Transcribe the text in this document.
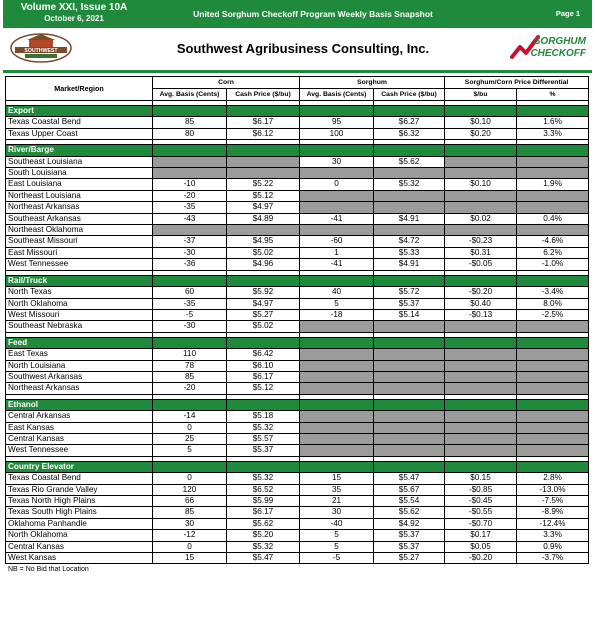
Volume XXI, Issue 10A
October 6, 2021	United Sorghum Checkoff Program Weekly Basis Snapshot	Page 1
SOUTHWEST	Southwest Agribusiness Consulting, Inc.	SORGHUM
CHECKOFF
Market/Region	Corn		Sorghum		Sorghum/Corn Price Differential	
	Avg. Basis (Cents)	Cash Price ($/bu)	Avg. Basis (Cents)	Cash Price ($/bu)	$/bu	%

Export						
Texas Coastal Bend	85	$6.17	95	$6.27	$0.10	1.6%
Texas Upper Coast	80	$6.12	100	$6.32	$0.20	3.3%

River/Barge						
Southeast Louisiana			30	$5.62		
South Louisiana						
East Louisiana	-10	$5.22	0	$5.32	$0.10	1.9%
Northeast Louisiana	-20	$5.12				
Northeast Arkansas	-35	$4.97				
Southeast Arkansas	-43	$4.89	-41	$4.91	$0.02	0.4%
Northeast Oklahoma						
Southeast Missouri	-37	$4.95	-60	$4.72	-$0.23	-4.6%
East Missouri	-30	$5.02	1	$5.33	$0.31	6.2%
West Tennessee	-36	$4.96	-41	$4.91	-$0.05	-1.0%

Rail/Truck						
North Texas	60	$5.92	40	$5.72	-$0.20	-3.4%
North Oklahoma	-35	$4.97	5	$5.37	$0.40	8.0%
West Missouri	-5	$5.27	-18	$5.14	-$0.13	-2.5%
Southeast Nebraska	-30	$5.02				

Feed						
East Texas	110	$6.42				
North Louisiana	78	$6.10				
Southwest Arkansas	85	$6.17				
Northeast Arkansas	-20	$5.12				

Ethanol						
Central Arkansas	-14	$5.18				
East Kansas	0	$5.32				
Central Kansas	25	$5.57				
West Tennessee	5	$5.37				

Country Elevator						
Texas Coastal Bend	0	$5.32	15	$5.47	$0.15	2.8%
Texas Rio Grande Valley	120	$6.52	35	$5.67	-$0.85	-13.0%
Texas North High Plains	66	$5.99	21	$5.54	-$0.45	-7.5%
Texas South High Plains	85	$6.17	30	$5.62	-$0.55	-8.9%
Oklahoma Panhandle	30	$5.62	-40	$4.92	-$0.70	-12.4%
North Oklahoma	-12	$5.20	5	$5.37	$0.17	3.3%
Central Kansas	0	$5.32	5	$5.37	$0.05	0.9%
West Kansas	15	$5.47	-5	$5.27	-$0.20	-3.7%
NB = No Bid that Location
